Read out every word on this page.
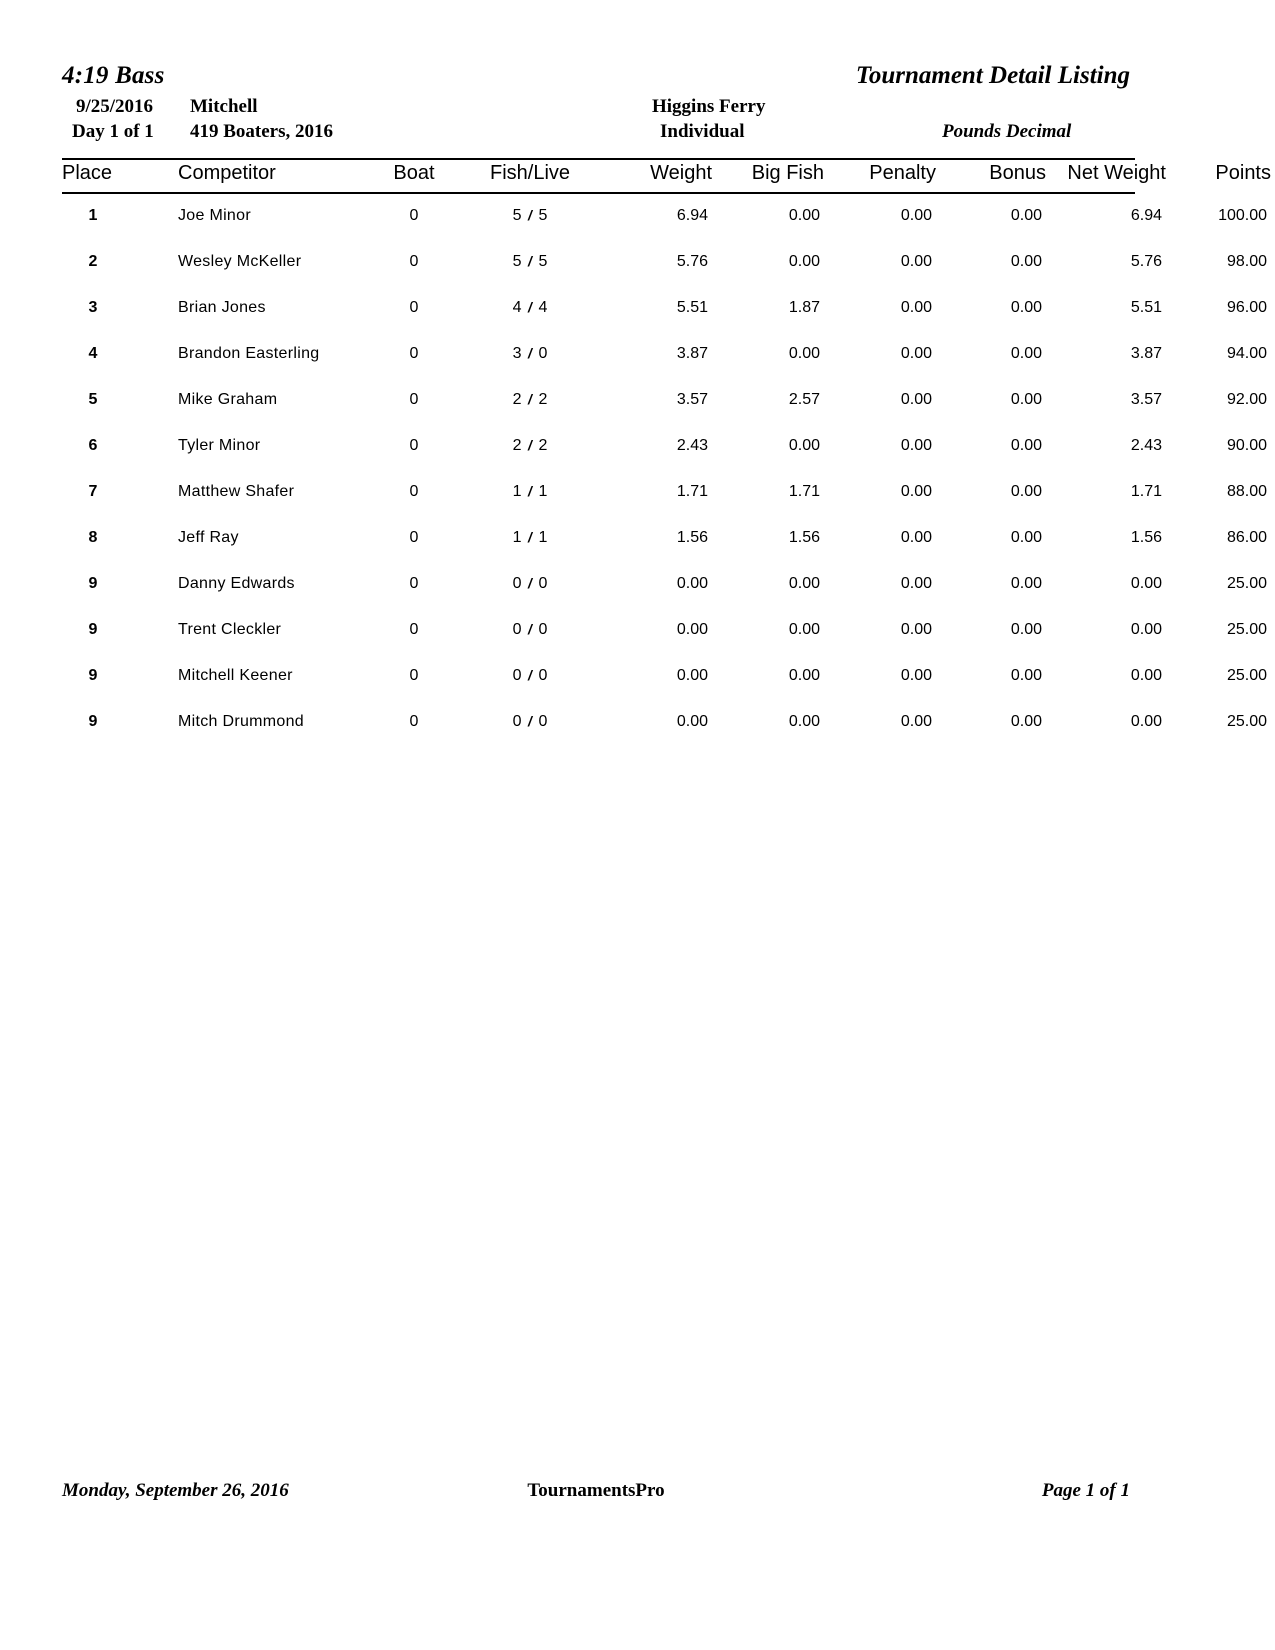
4:19 Bass	Tournament Detail Listing
9/25/2016
Day 1 of 1
Mitchell
419 Boaters, 2016
Higgins Ferry
Individual	Pounds Decimal
Place	Competitor	Boat	Fish/Live	Weight	Big Fish	Penalty	Bonus	Net Weight	Points
1	Joe Minor	0	5 / 5	6.94	0.00	0.00	0.00	6.94	100.00
2	Wesley McKeller	0	5 / 5	5.76	0.00	0.00	0.00	5.76	98.00
3	Brian Jones	0	4 / 4	5.51	1.87	0.00	0.00	5.51	96.00
4	Brandon Easterling	0	3 / 0	3.87	0.00	0.00	0.00	3.87	94.00
5	Mike Graham	0	2 / 2	3.57	2.57	0.00	0.00	3.57	92.00
6	Tyler Minor	0	2 / 2	2.43	0.00	0.00	0.00	2.43	90.00
7	Matthew Shafer	0	1 / 1	1.71	1.71	0.00	0.00	1.71	88.00
8	Jeff Ray	0	1 / 1	1.56	1.56	0.00	0.00	1.56	86.00
9	Danny Edwards	0	0 / 0	0.00	0.00	0.00	0.00	0.00	25.00
9	Trent Cleckler	0	0 / 0	0.00	0.00	0.00	0.00	0.00	25.00
9	Mitchell Keener	0	0 / 0	0.00	0.00	0.00	0.00	0.00	25.00
9	Mitch Drummond	0	0 / 0	0.00	0.00	0.00	0.00	0.00	25.00
Monday, September 26, 2016	TournamentsPro	Page 1 of 1
